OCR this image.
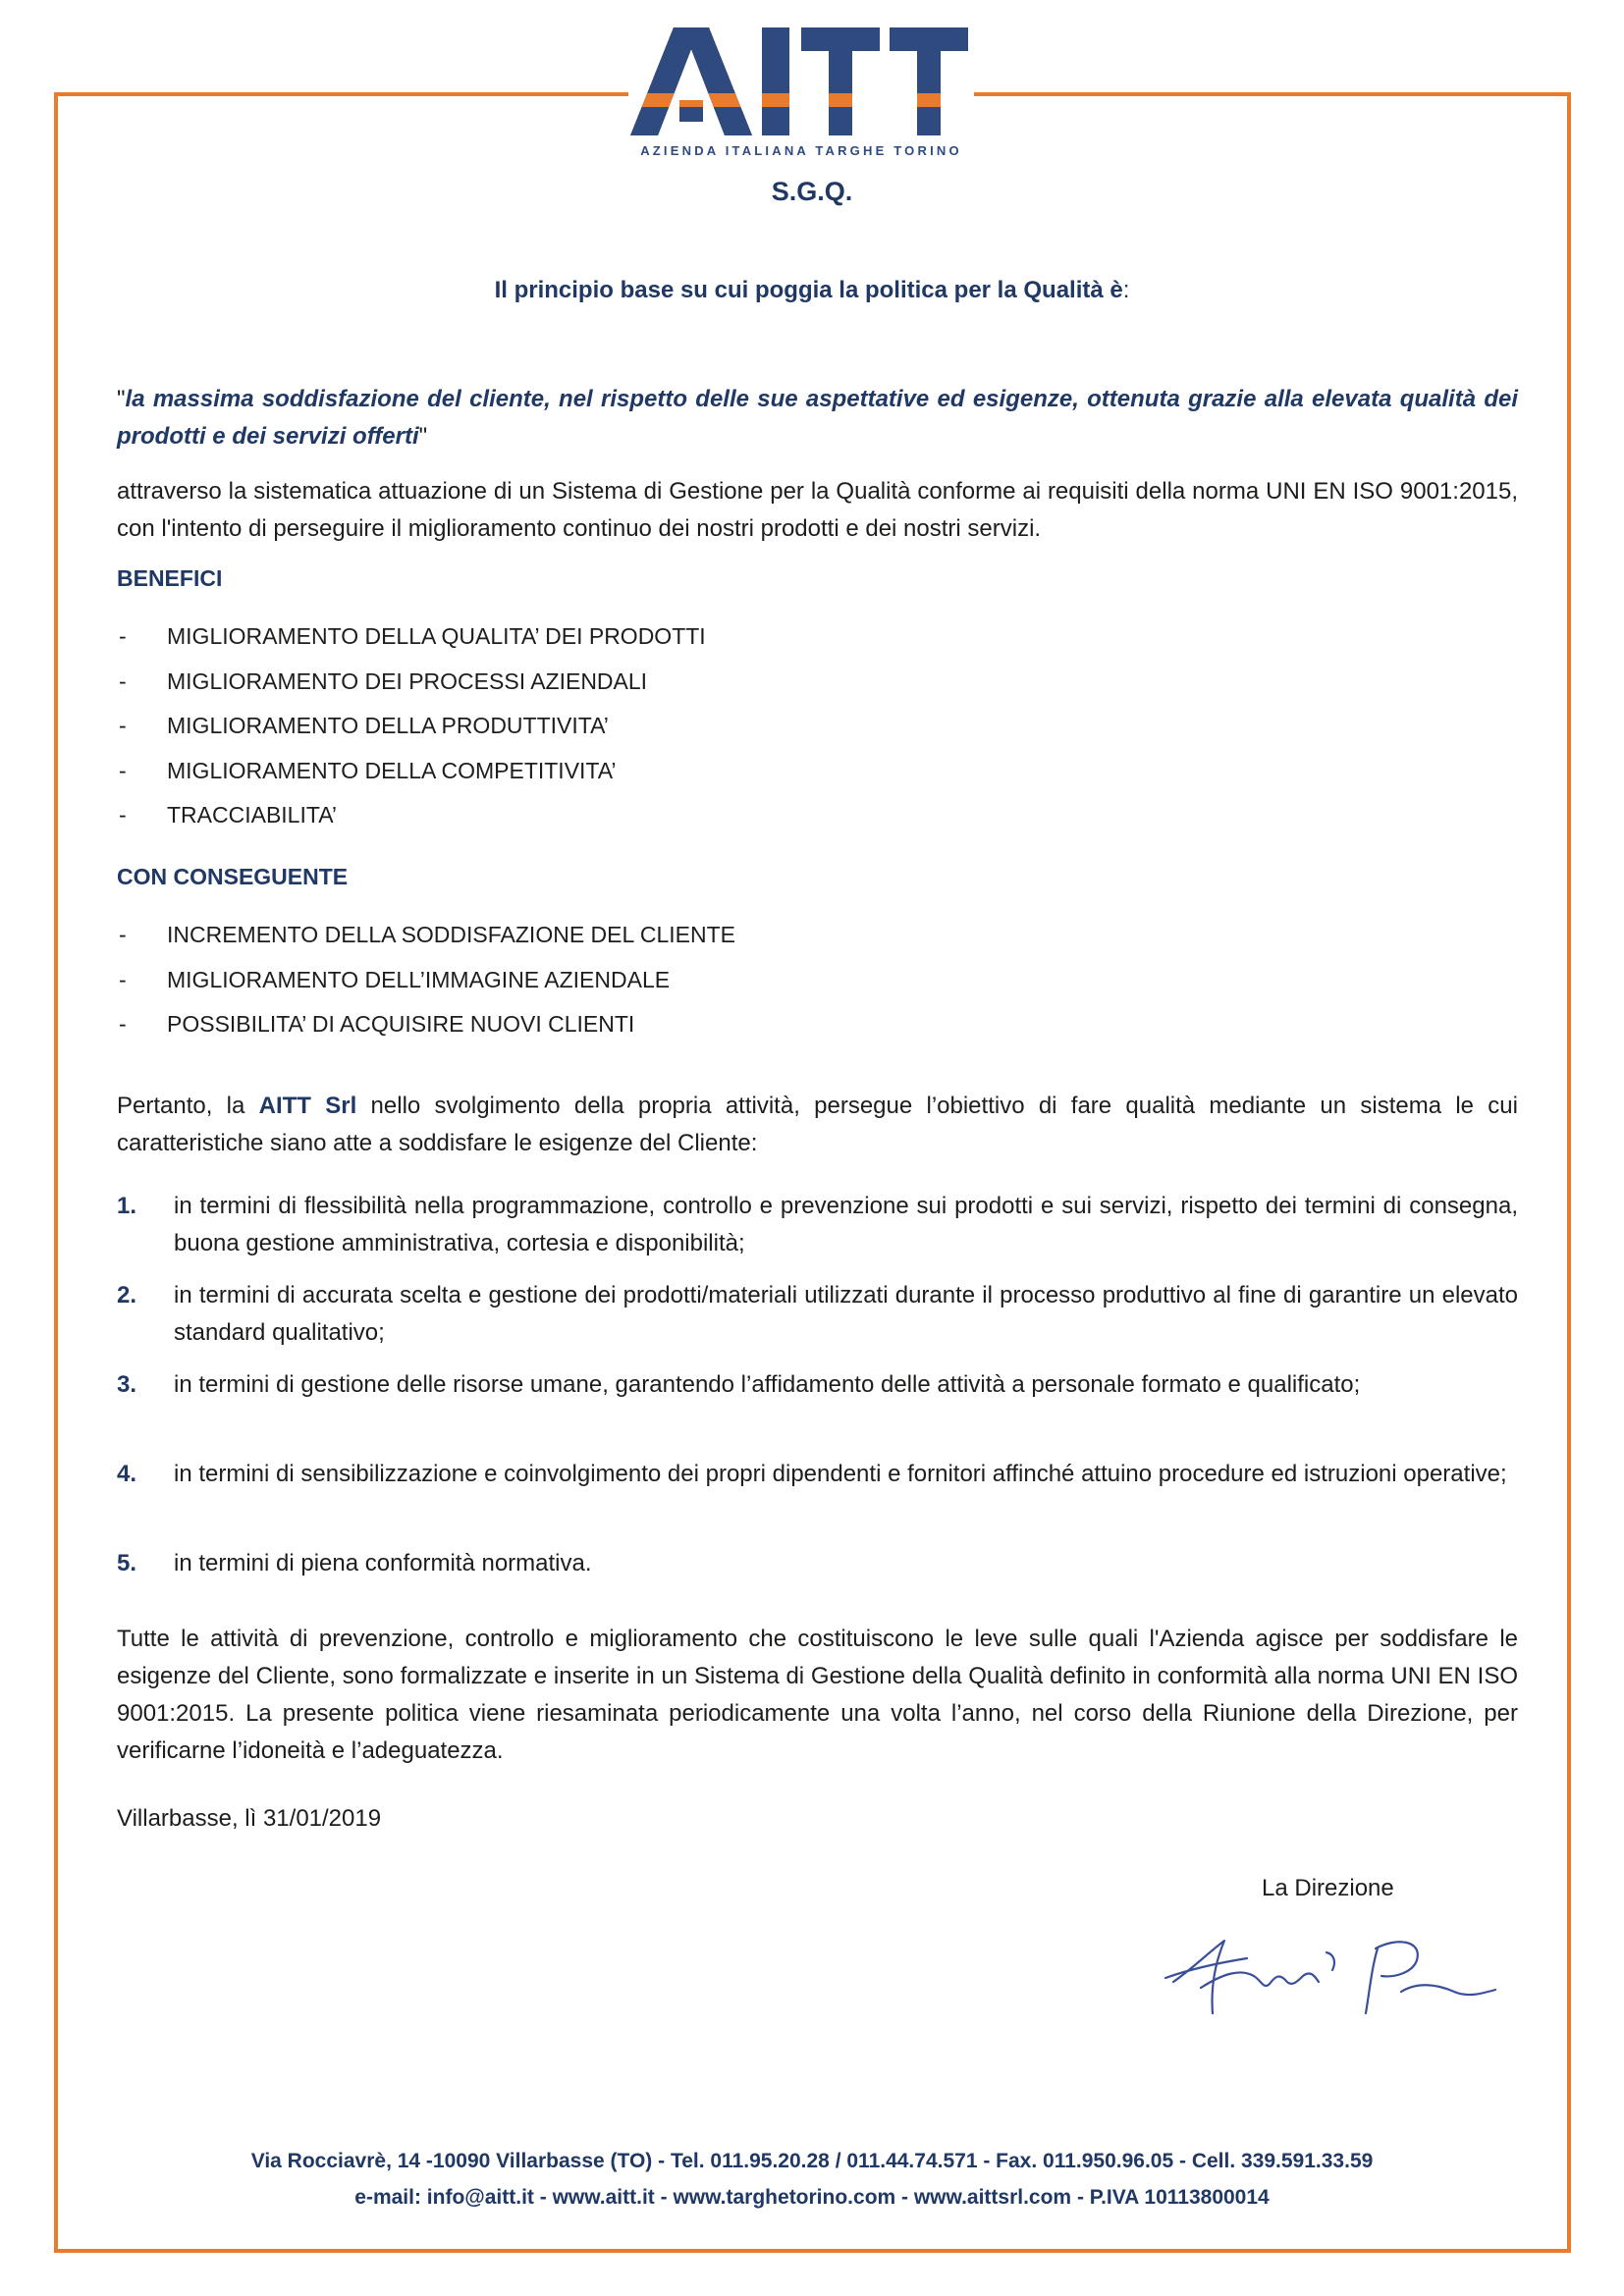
AZIENDA ITALIANA TARGHE TORINO
S.G.Q.
Il principio base su cui poggia la politica per la Qualità è:
"la massima soddisfazione del cliente, nel rispetto delle sue aspettative ed esigenze, ottenuta grazie alla elevata qualità dei prodotti e dei servizi offerti"
attraverso la sistematica attuazione di un Sistema di Gestione per la Qualità conforme ai requisiti della norma UNI EN ISO 9001:2015, con l'intento di perseguire il miglioramento continuo dei nostri prodotti e dei nostri servizi.
BENEFICI
- MIGLIORAMENTO DELLA QUALITA’ DEI PRODOTTI
- MIGLIORAMENTO DEI PROCESSI AZIENDALI
- MIGLIORAMENTO DELLA PRODUTTIVITA’
- MIGLIORAMENTO DELLA COMPETITIVITA’
- TRACCIABILITA’
CON CONSEGUENTE
- INCREMENTO DELLA SODDISFAZIONE DEL CLIENTE
- MIGLIORAMENTO DELL’IMMAGINE AZIENDALE
- POSSIBILITA’ DI ACQUISIRE NUOVI CLIENTI
Pertanto, la AITT Srl nello svolgimento della propria attività, persegue l’obiettivo di fare qualità mediante un sistema le cui caratteristiche siano atte a soddisfare le esigenze del Cliente:
1. in termini di flessibilità nella programmazione, controllo e prevenzione sui prodotti e sui servizi, rispetto dei termini di consegna, buona gestione amministrativa, cortesia e disponibilità;
2. in termini di accurata scelta e gestione dei prodotti/materiali utilizzati durante il processo produttivo al fine di garantire un elevato standard qualitativo;
3. in termini di gestione delle risorse umane, garantendo l’affidamento delle attività a personale formato e qualificato;
4. in termini di sensibilizzazione e coinvolgimento dei propri dipendenti e fornitori affinché attuino procedure ed istruzioni operative;
5. in termini di piena conformità normativa.
Tutte le attività di prevenzione, controllo e miglioramento che costituiscono le leve sulle quali l'Azienda agisce per soddisfare le esigenze del Cliente, sono formalizzate e inserite in un Sistema di Gestione della Qualità definito in conformità alla norma UNI EN ISO 9001:2015. La presente politica viene riesaminata periodicamente una volta l’anno, nel corso della Riunione della Direzione, per verificarne l’idoneità e l’adeguatezza.
Villarbasse, lì 31/01/2019
La Direzione
Via Rocciavrè, 14 -10090 Villarbasse (TO) - Tel. 011.95.20.28 / 011.44.74.571 - Fax. 011.950.96.05 - Cell. 339.591.33.59
e-mail: info@aitt.it - www.aitt.it - www.targhetorino.com - www.aittsrl.com - P.IVA 10113800014
